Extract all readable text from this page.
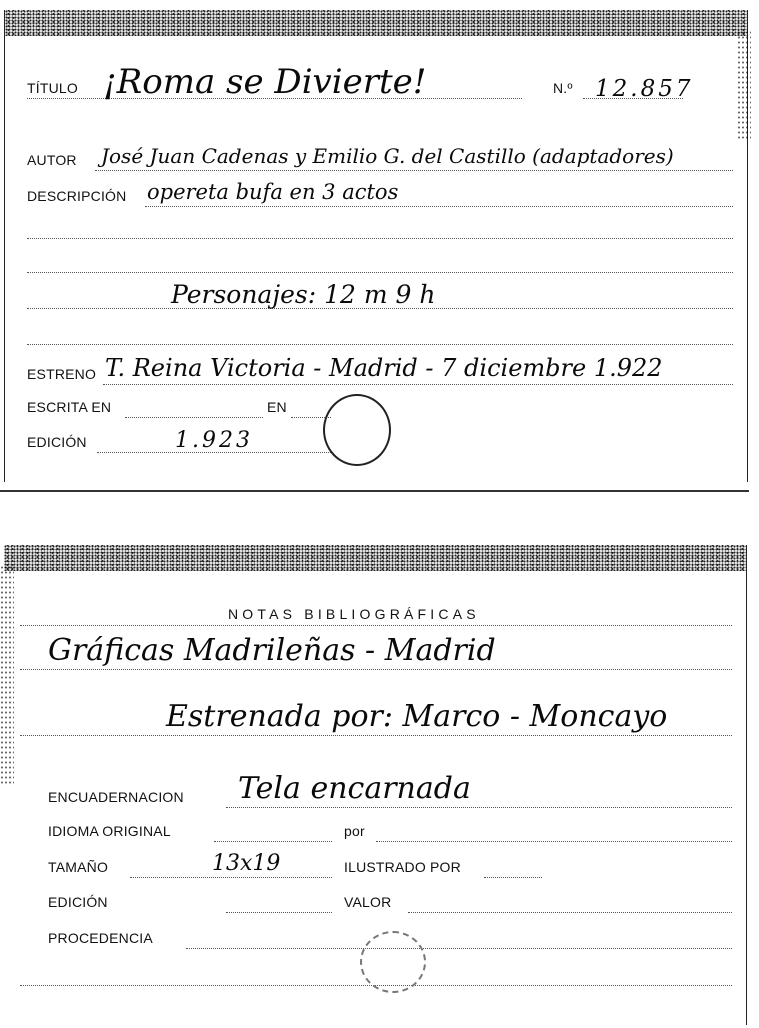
TÍTULO ¡Roma se Divierte!	N.º 12.857
AUTOR José Juan Cadenas y Emilio G. del Castillo (adaptadores)
DESCRIPCIÓN opereta bufa en 3 actos
Personajes: 12 m 9 h
ESTRENO T. Reina Victoria - Madrid - 7 diciembre 1.922
ESCRITA EN	EN
EDICIÓN	1.923
NOTAS BIBLIOGRÁFICAS
Gráficas Madrileñas - Madrid
Estrenada por: Marco - Moncayo
ENCUADERNACION Tela encarnada
IDIOMA ORIGINAL	por
TAMAÑO	13x19	ILUSTRADO POR
EDICIÓN	VALOR
PROCEDENCIA
